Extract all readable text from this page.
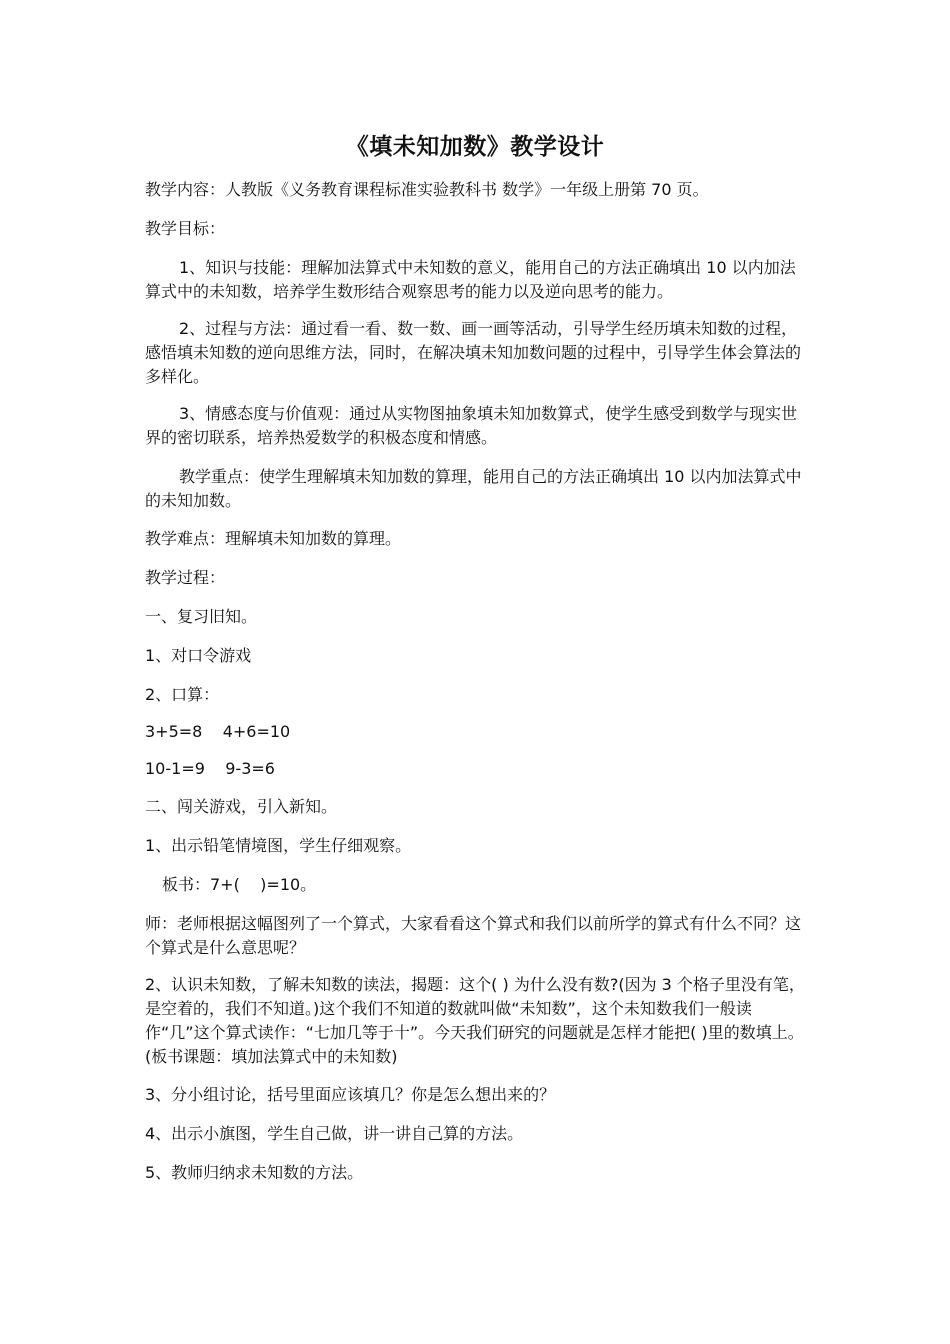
《填未知加数》教学设计

教学内容：人教版《义务教育课程标准实验教科书 数学》一年级上册第 70 页。

教学目标：

1、知识与技能：理解加法算式中未知数的意义，能用自己的方法正确填出 10 以内加法算式中的未知数，培养学生数形结合观察思考的能力以及逆向思考的能力。

2、过程与方法：通过看一看、数一数、画一画等活动，引导学生经历填未知数的过程，感悟填未知数的逆向思维方法，同时，在解决填未知加数问题的过程中，引导学生体会算法的多样化。

3、情感态度与价值观：通过从实物图抽象填未知加数算式，使学生感受到数学与现实世界的密切联系，培养热爱数学的积极态度和情感。

教学重点：使学生理解填未知加数的算理，能用自己的方法正确填出 10 以内加法算式中的未知加数。

教学难点：理解填未知加数的算理。

教学过程：

一、复习旧知。

1、对口令游戏

2、口算：

3+5=8    4+6=10

10-1=9    9-3=6

二、闯关游戏，引入新知。

1、出示铅笔情境图，学生仔细观察。

板书：7+(    )=10。

师：老师根据这幅图列了一个算式，大家看看这个算式和我们以前所学的算式有什么不同？这个算式是什么意思呢？

2、认识未知数，了解未知数的读法，揭题：这个( ) 为什么没有数?(因为 3 个格子里没有笔，是空着的，我们不知道。)这个我们不知道的数就叫做“未知数”，这个未知数我们一般读作“几”这个算式读作：“七加几等于十”。今天我们研究的问题就是怎样才能把( )里的数填上。(板书课题：填加法算式中的未知数)

3、分小组讨论，括号里面应该填几？你是怎么想出来的？

4、出示小旗图，学生自己做，讲一讲自己算的方法。

5、教师归纳求未知数的方法。
